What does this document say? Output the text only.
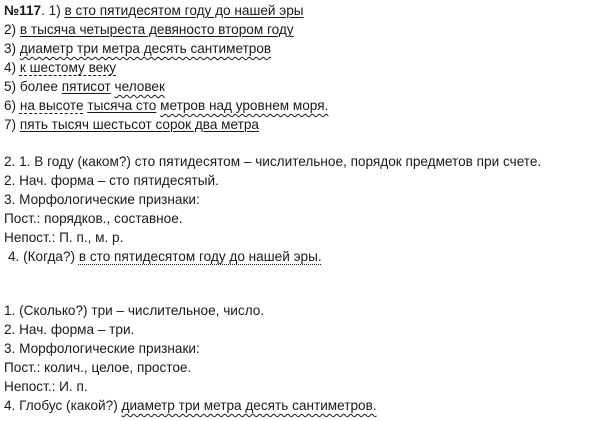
№117. 1) в сто пятидесятом году до нашей эры
2) в тысяча четыреста девяносто втором году
3) диаметр три метра десять сантиметров
4) к шестому веку
5) более пятисот человек
6) на высоте тысяча сто метров над уровнем моря.
7) пять тысяч шестьсот сорок два метра
2. 1. В году (каком?) сто пятидесятом – числительное, порядок предметов при счете.
2. Нач. форма – сто пятидесятый.
3. Морфологические признаки:
Пост.: порядков., составное.
Непост.: П. п., м. р.
4. (Когда?) в сто пятидесятом году до нашей эры.
1. (Сколько?) три – числительное, число.
2. Нач. форма – три.
3. Морфологические признаки:
Пост.: колич., целое, простое.
Непост.: И. п.
4. Глобус (какой?) диаметр три метра десять сантиметров.
